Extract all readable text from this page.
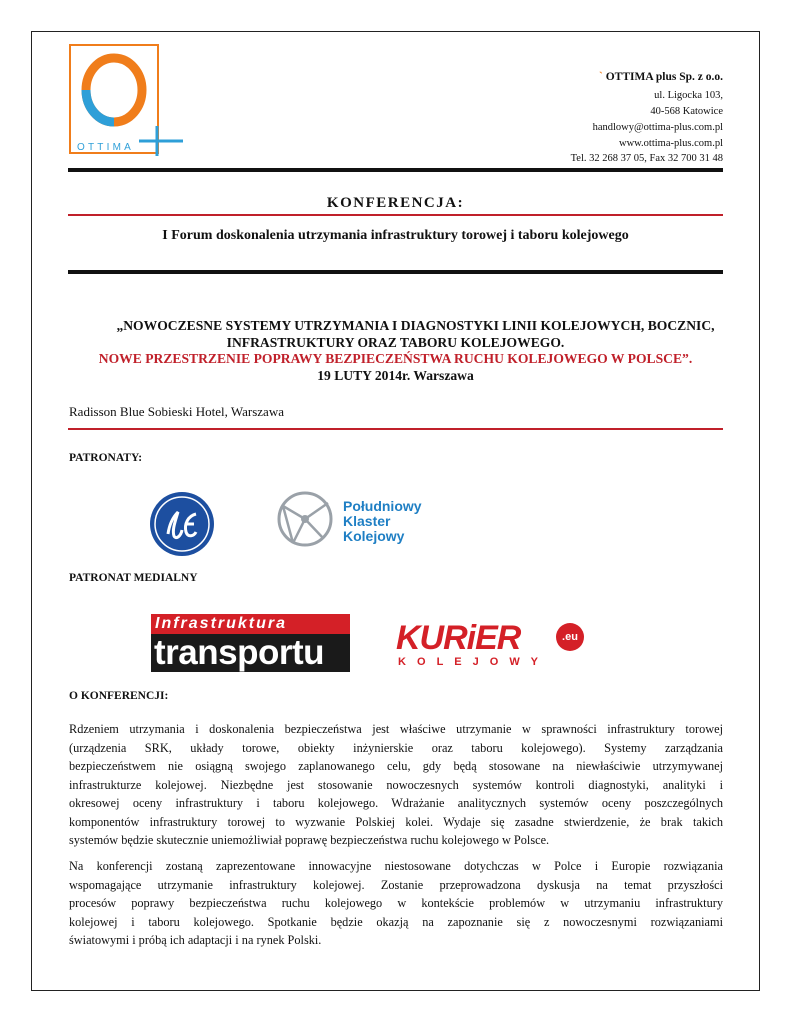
OTTIMA
` OTTIMA plus Sp. z o.o.
ul. Ligocka 103,
40-568 Katowice
handlowy@ottima-plus.com.pl
www.ottima-plus.com.pl
Tel. 32 268 37 05, Fax 32 700 31 48
KONFERENCJA:
I Forum doskonalenia utrzymania infrastruktury torowej i taboru kolejowego
„NOWOCZESNE SYSTEMY UTRZYMANIA I DIAGNOSTYKI LINII KOLEJOWYCH, BOCZNIC,
INFRASTRUKTURY ORAZ TABORU KOLEJOWEGO.
NOWE PRZESTRZENIE POPRAWY BEZPIECZEŃSTWA RUCHU KOLEJOWEGO W POLSCE”.
19 LUTY 2014r. Warszawa
Radisson Blue Sobieski Hotel, Warszawa
PATRONATY:
Południowy
Klaster
Kolejowy
PATRONAT MEDIALNY
Infrastruktura
transportu	KURiER	.eu
K O L E J O W Y
O KONFERENCJI:
Rdzeniem utrzymania i doskonalenia bezpieczeństwa jest właściwe utrzymanie w sprawności infrastruktury torowej
(urządzenia SRK, układy torowe, obiekty inżynierskie oraz taboru kolejowego). Systemy zarządzania
bezpieczeństwem nie osiągną swojego zaplanowanego celu, gdy będą stosowane na niewłaściwie utrzymywanej
infrastrukturze kolejowej. Niezbędne jest stosowanie nowoczesnych systemów kontroli diagnostyki, analityki i
okresowej oceny infrastruktury i taboru kolejowego. Wdrażanie analitycznych systemów oceny poszczególnych
komponentów infrastruktury torowej to wyzwanie Polskiej kolei. Wydaje się zasadne stwierdzenie, że brak takich
systemów będzie skutecznie uniemożliwiał poprawę bezpieczeństwa ruchu kolejowego w Polsce.
Na konferencji zostaną zaprezentowane innowacyjne niestosowane dotychczas w Polce i Europie rozwiązania
wspomagające utrzymanie infrastruktury kolejowej. Zostanie przeprowadzona dyskusja na temat przyszłości
procesów poprawy bezpieczeństwa ruchu kolejowego w kontekście problemów w utrzymaniu infrastruktury
kolejowej i taboru kolejowego. Spotkanie będzie okazją na zapoznanie się z nowoczesnymi rozwiązaniami
światowymi i próbą ich adaptacji i na rynek Polski.
